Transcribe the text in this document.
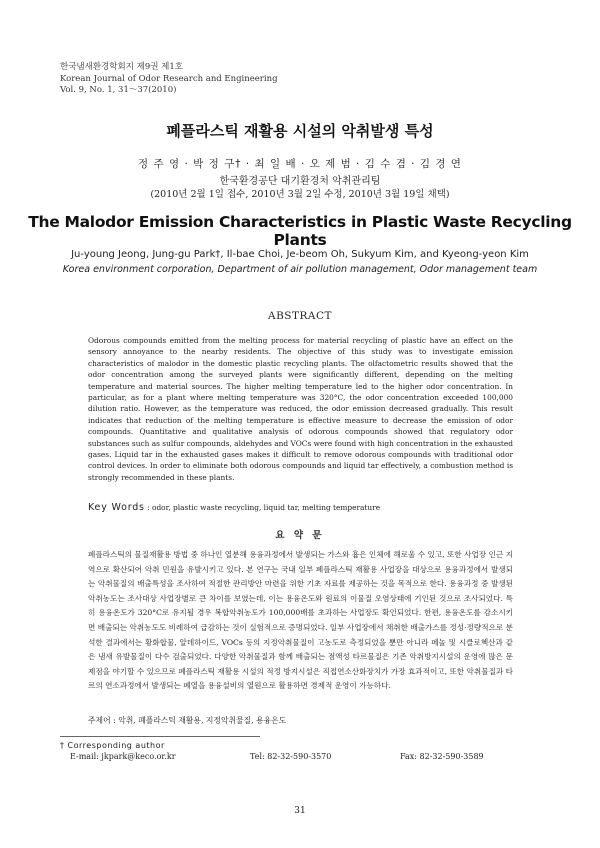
한국냄새환경학회지 제9권 제1호
Korean Journal of Odor Research and Engineering
Vol. 9, No. 1, 31～37(2010)
폐플라스틱 재활용 시설의 악취발생 특성
정 주 영 · 박 정 구† · 최 일 배 · 오 제 범 · 김 수 겸 · 김 경 연
한국환경공단 대기환경처 악취관리팀
(2010년 2월 1일 접수, 2010년 3월 2일 수정, 2010년 3월 19일 채택)
The Malodor Emission Characteristics in Plastic Waste Recycling Plants
Ju-young Jeong, Jung-gu Park†, Il-bae Choi, Je-beom Oh, Sukyum Kim, and Kyeong-yeon Kim
Korea environment corporation, Department of air pollution management, Odor management team
ABSTRACT

Odorous compounds emitted from the melting process for material recycling of plastic have an effect on the sensory annoyance to the nearby residents. The objective of this study was to investigate emission characteristics of malodor in the domestic plastic recycling plants. The olfactometric results showed that the odor concentration among the surveyed plants were significantly different, depending on the melting temperature and material sources. The higher melting temperature led to the higher odor concentration. In particular, as for a plant where melting temperature was 320°C, the odor concentration exceeded 100,000 dilution ratio. However, as the temperature was reduced, the odor emission decreased gradually. This result indicates that reduction of the melting temperature is effective measure to decrease the emission of odor compounds. Quantitative and qualitative analysis of odorous compounds showed that regulatory odor substances such as sulfur compounds, aldehydes and VOCs were found with high concentration in the exhausted gases. Liquid tar in the exhausted gases makes it difficult to remove odorous compounds with traditional odor control devices. In order to eliminate both odorous compounds and liquid tar effectively, a combustion method is strongly recommended in these plants.

Key Words : odor, plastic waste recycling, liquid tar, melting temperature
요 약 문

폐플라스틱의 물질재활용 방법 중 하나인 열분해 용융과정에서 발생되는 가스와 흄은 인체에 해로울 수 있고, 또한 사업장 인근 지역으로 확산되어 악취 민원을 유발시키고 있다. 본 연구는 국내 일부 폐플라스틱 재활용 사업장을 대상으로 용융과정에서 발생되는 악취물질의 배출특성을 조사하여 적절한 관리방안 마련을 위한 기초 자료를 제공하는 것을 목적으로 한다. 용융과정 중 발생된 악취농도는 조사대상 사업장별로 큰 차이를 보였는데, 이는 용융온도와 원료의 이물질 오염상태에 기인된 것으로 조사되었다. 특히 용융온도가 320°C로 유지될 경우 복합악취농도가 100,000배를 초과하는 사업장도 확인되었다. 한편, 용융온도를 감소시키면 배출되는 악취농도도 비례하여 급감하는 것이 실험적으로 증명되었다. 일부 사업장에서 채취한 배출가스를 정성·정량적으로 분석한 결과에서는 황화합물, 알데하이드, VOCs 등의 지정악취물질이 고농도로 측정되었을 뿐만 아니라 페놀 및 시클로헥산과 같은 냄새 유발물질이 다수 검출되었다. 다양한 악취물질과 함께 배출되는 점액성 타르물질은 기존 악취방지시설의 운영에 많은 문제점을 야기할 수 있으므로 폐플라스틱 재활용 시설의 적정 방지시설은 직접연소산화장치가 가장 효과적이고, 또한 악취물질과 타르의 연소과정에서 발생되는 폐열을 용융설비의 열원으로 활용하면 경제적 운영이 가능하다.

주제어 : 악취, 폐플라스틱 재활용, 지정악취물질, 용융온도
† Corresponding author
E-mail: jkpark@keco.or.kr	Tel: 82-32-590-3570	Fax: 82-32-590-3589
31
